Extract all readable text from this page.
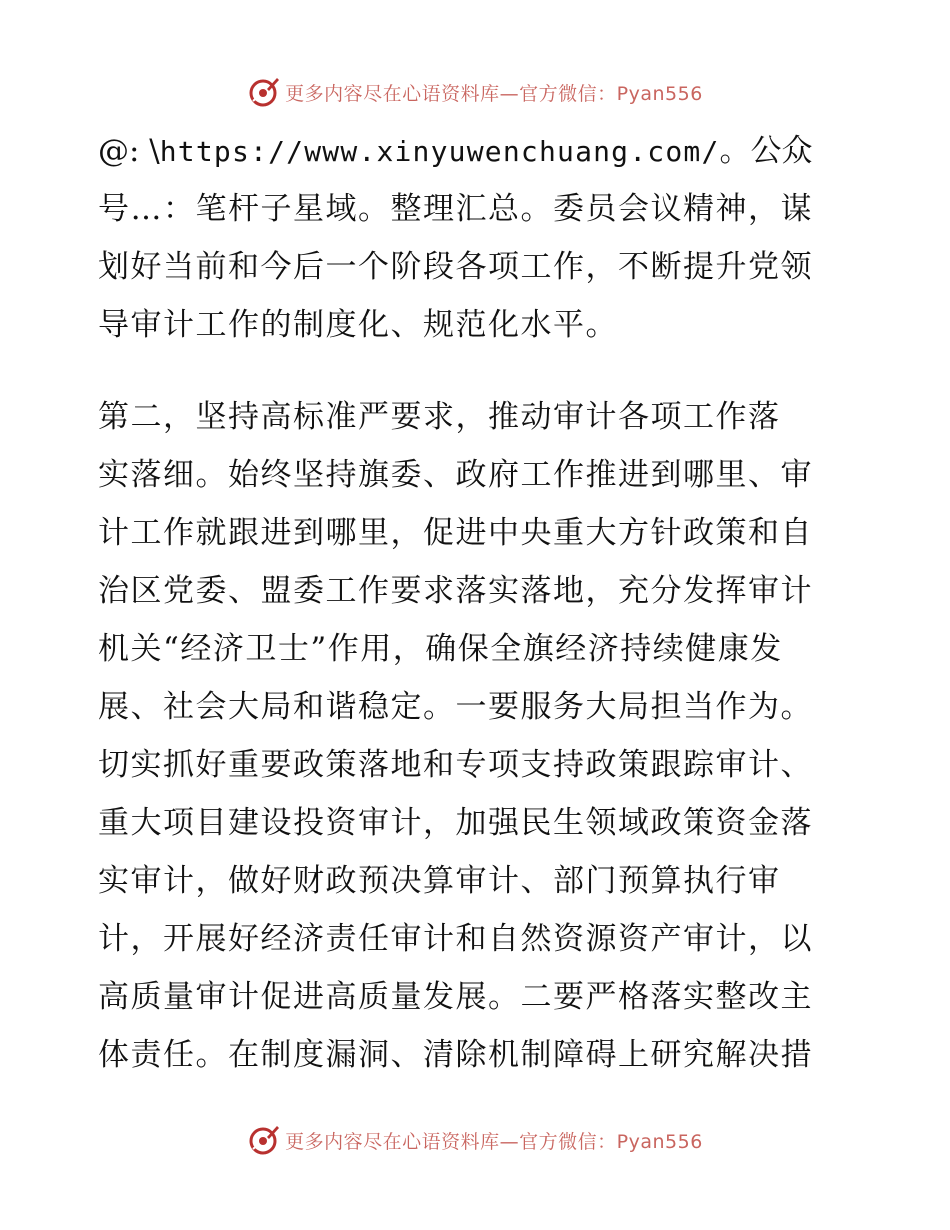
更多内容尽在心语资料库—官方微信：Pyan556
@: \https://www.xinyuwenchuang.com/。公众
号…：笔杆子星域。整理汇总。委员会议精神，谋
划好当前和今后一个阶段各项工作，不断提升党领
导审计工作的制度化、规范化水平。
第二，坚持高标准严要求，推动审计各项工作落
实落细。始终坚持旗委、政府工作推进到哪里、审
计工作就跟进到哪里，促进中央重大方针政策和自
治区党委、盟委工作要求落实落地，充分发挥审计
机关“经济卫士”作用，确保全旗经济持续健康发
展、社会大局和谐稳定。一要服务大局担当作为。
切实抓好重要政策落地和专项支持政策跟踪审计、
重大项目建设投资审计，加强民生领域政策资金落
实审计，做好财政预决算审计、部门预算执行审
计，开展好经济责任审计和自然资源资产审计，以
高质量审计促进高质量发展。二要严格落实整改主
体责任。在制度漏洞、清除机制障碍上研究解决措
更多内容尽在心语资料库—官方微信：Pyan556
